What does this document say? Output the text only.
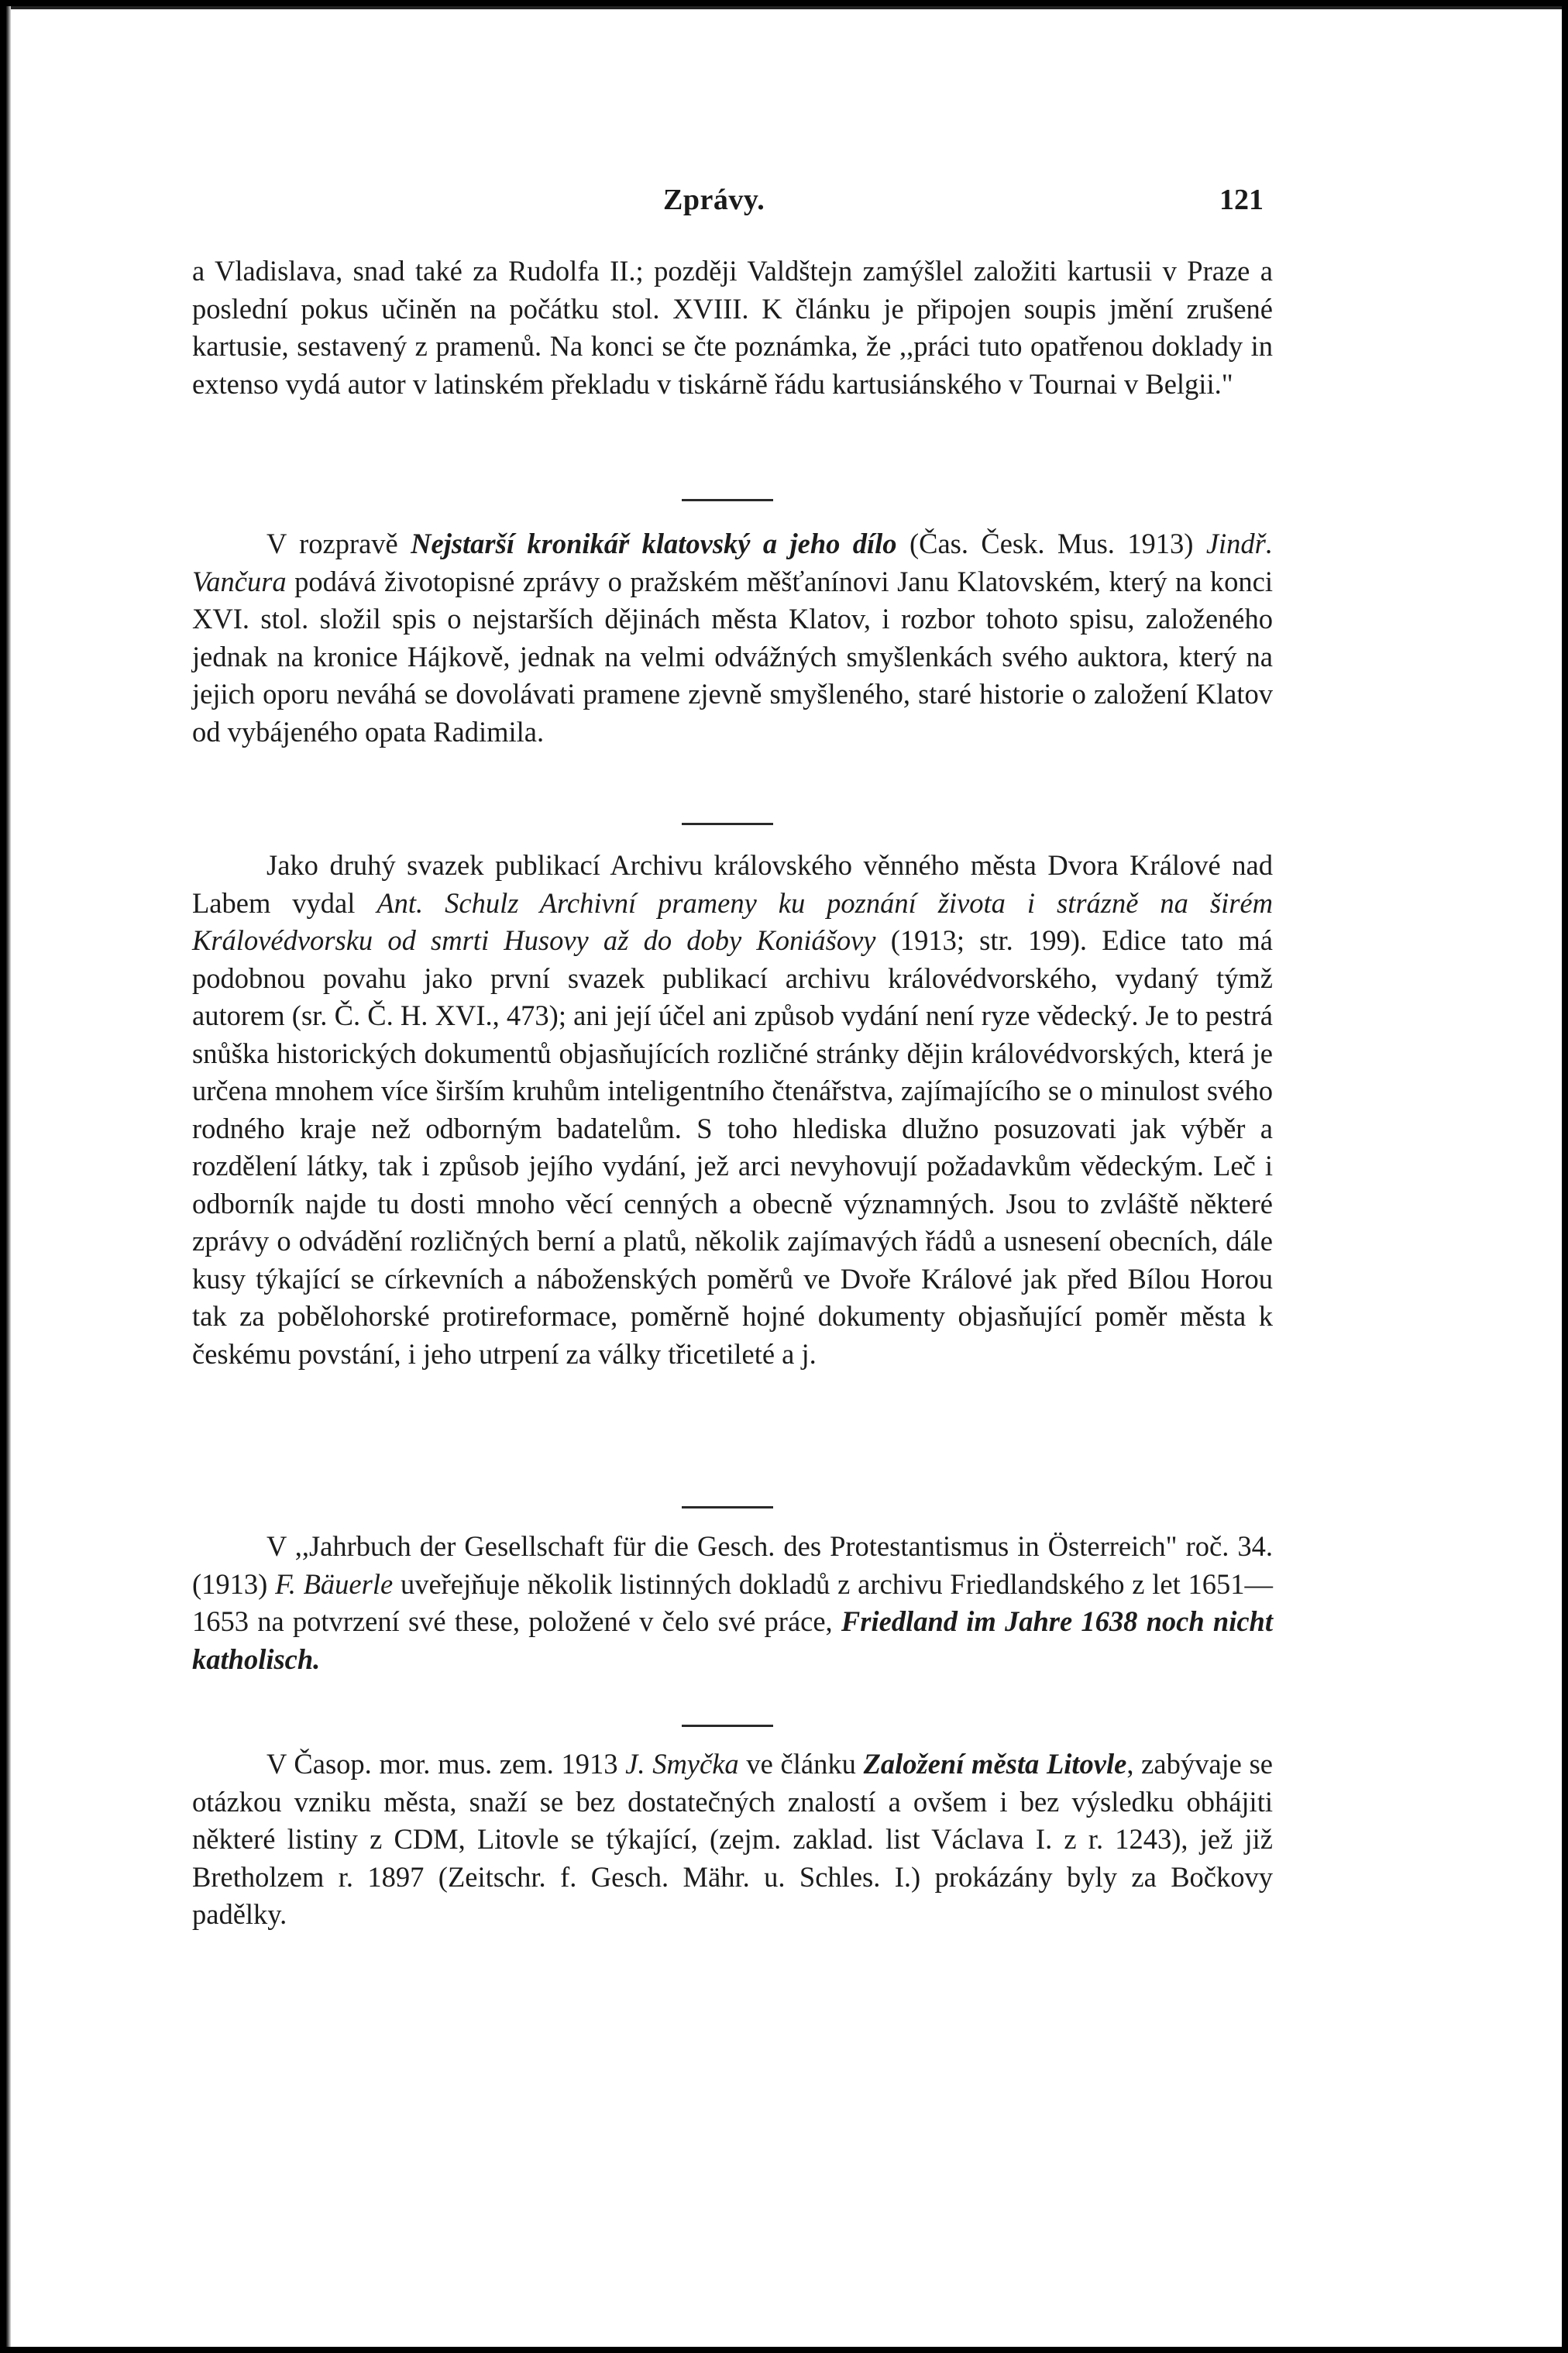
Zprávy.	121

a Vladislava, snad také za Rudolfa II.; později Valdštejn zamýšlel založiti kartusii v Praze a poslední pokus učiněn na počátku stol. XVIII. K článku je připojen soupis jmění zrušené kartusie, sestavený z pramenů. Na konci se čte poznámka, že ,,práci tuto opatřenou doklady in extenso vydá autor v latinském překladu v tiskárně řádu kartusiánského v Tournai v Belgii."

V rozpravě Nejstarší kronikář klatovský a jeho dílo (Čas. Česk. Mus. 1913) Jindř. Vančura podává životopisné zprávy o pražském měšťanínovi Janu Klatovském, který na konci XVI. stol. složil spis o nejstarších dějinách města Klatov, i rozbor tohoto spisu, založeného jednak na kronice Hájkově, jednak na velmi odvážných smyšlenkách svého auktora, který na jejich oporu neváhá se dovolávati pramene zjevně smyšleného, staré historie o založení Klatov od vybájeného opata Radimila.

Jako druhý svazek publikací Archivu královského věnného města Dvora Králové nad Labem vydal Ant. Schulz Archivní prameny ku poznání života i strázně na širém Královédvorsku od smrti Husovy až do doby Koniášovy (1913; str. 199). Edice tato má podobnou povahu jako první svazek publikací archivu královédvorského, vydaný týmž autorem (sr. Č. Č. H. XVI., 473); ani její účel ani způsob vydání není ryze vědecký. Je to pestrá snůška historických dokumentů objasňujících rozličné stránky dějin královédvorských, která je určena mnohem více širším kruhům inteligentního čtenářstva, zajímajícího se o minulost svého rodného kraje než odborným badatelům. S toho hlediska dlužno posuzovati jak výběr a rozdělení látky, tak i způsob jejího vydání, jež arci nevyhovují požadavkům vědeckým. Leč i odborník najde tu dosti mnoho věcí cenných a obecně významných. Jsou to zvláště některé zprávy o odvádění rozličných berní a platů, několik zajímavých řádů a usnesení obecních, dále kusy týkající se církevních a náboženských poměrů ve Dvoře Králové jak před Bílou Horou tak za pobělohorské protireformace, poměrně hojné dokumenty objasňující poměr města k českému povstání, i jeho utrpení za války třicetileté a j.

V ,,Jahrbuch der Gesellschaft für die Gesch. des Protestantismus in Österreich" roč. 34. (1913) F. Bäuerle uveřejňuje několik listinných dokladů z archivu Friedlandského z let 1651—1653 na potvrzení své these, položené v čelo své práce, Friedland im Jahre 1638 noch nicht katholisch.

V Časop. mor. mus. zem. 1913 J. Smyčka ve článku Založení města Litovle, zabývaje se otázkou vzniku města, snaží se bez dostatečných znalostí a ovšem i bez výsledku obhájiti některé listiny z CDM, Litovle se týkající, (zejm. zaklad. list Václava I. z r. 1243), jež již Bretholzem r. 1897 (Zeitschr. f. Gesch. Mähr. u. Schles. I.) prokázány byly za Bočkovy padělky.
